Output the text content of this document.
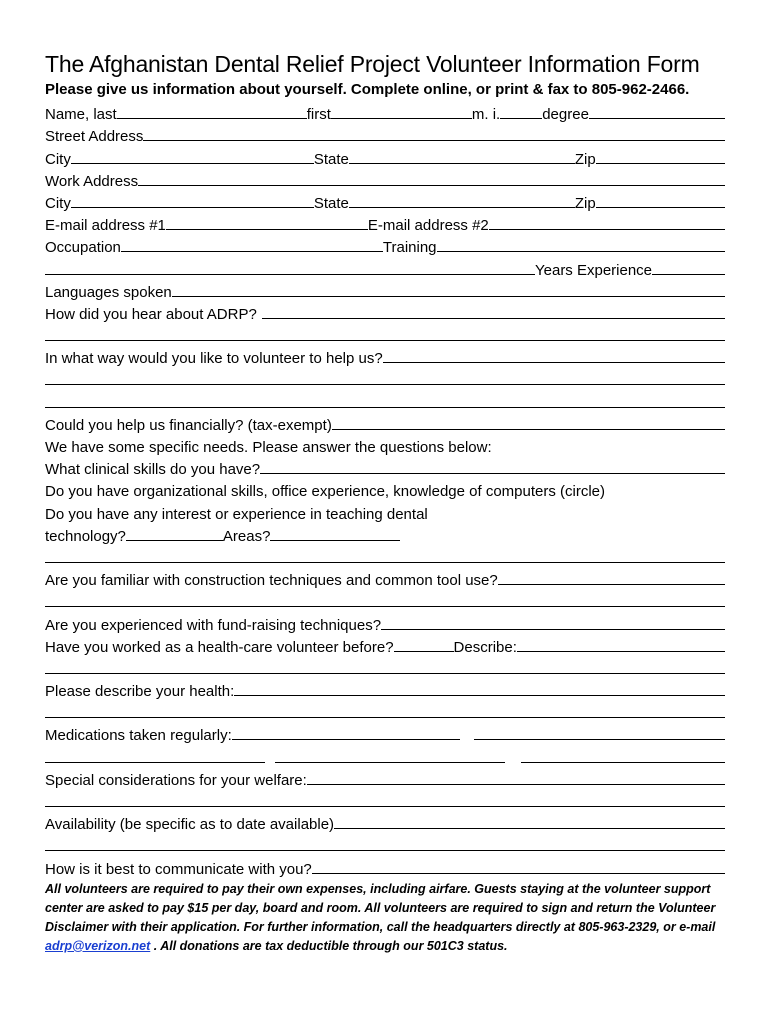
The Afghanistan Dental Relief Project Volunteer Information Form
Please give us information about yourself. Complete online, or print & fax to 805-962-2466.
Name, last	first	m. i.	degree
Street Address
City	State	Zip
Work Address
City	State	Zip
E-mail address #1	E-mail address #2
Occupation	Training
Years Experience
Languages spoken
How did you hear about ADRP?
In what way would you like to volunteer to help us?
Could you help us financially? (tax-exempt)
We have some specific needs. Please answer the questions below:
What clinical skills do you have?
Do you have organizational skills, office experience, knowledge of computers (circle)
Do you have any interest or experience in teaching dental
technology?	Areas?
Are you familiar with construction techniques and common tool use?
Are you experienced with fund-raising techniques?
Have you worked as a health-care volunteer before?	Describe:
Please describe your health:
Medications taken regularly:
Special considerations for your welfare:
Availability (be specific as to date available)
How is it best to communicate with you?
All volunteers are required to pay their own expenses, including airfare. Guests staying at the volunteer support center are asked to pay $15 per day, board and room. All volunteers are required to sign and return the Volunteer Disclaimer with their application. For further information, call the headquarters directly at 805-963-2329, or e-mail adrp@verizon.net . All donations are tax deductible through our 501C3 status.
